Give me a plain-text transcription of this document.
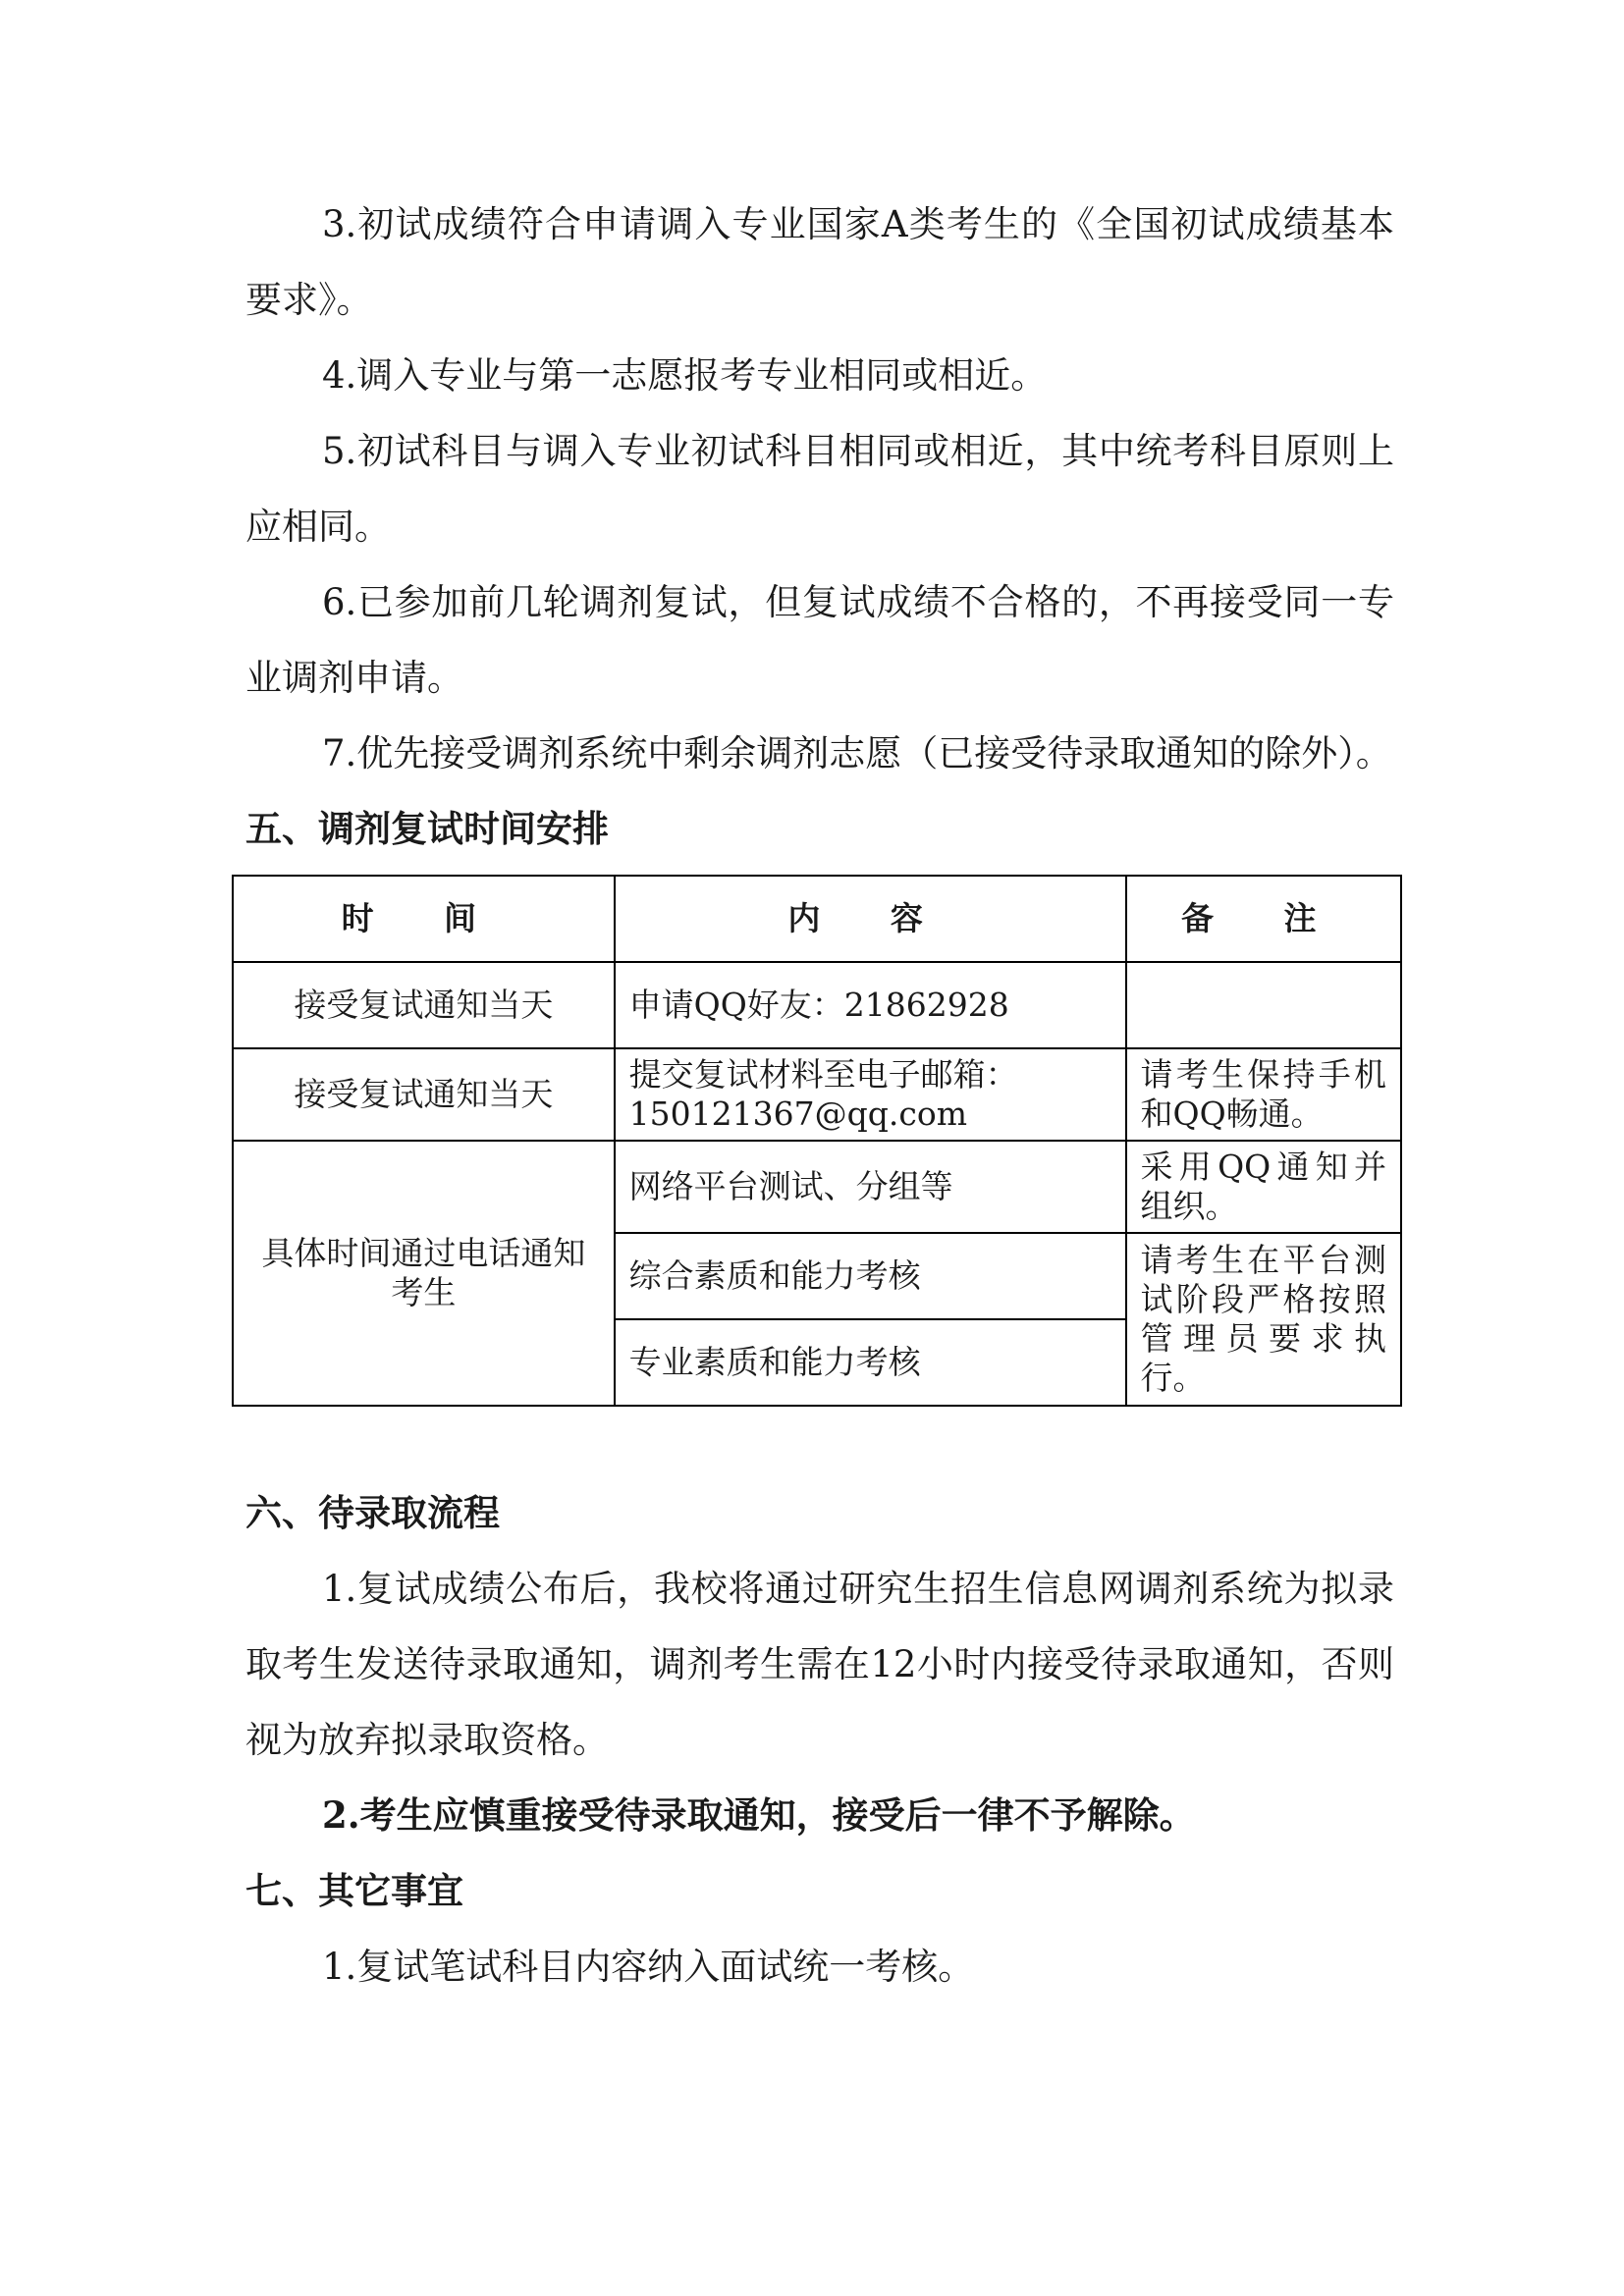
3.初试成绩符合申请调入专业国家A类考生的《全国初试成绩基本要求》。

4.调入专业与第一志愿报考专业相同或相近。

5.初试科目与调入专业初试科目相同或相近，其中统考科目原则上应相同。

6.已参加前几轮调剂复试，但复试成绩不合格的，不再接受同一专业调剂申请。

7.优先接受调剂系统中剩余调剂志愿（已接受待录取通知的除外）。

五、调剂复试时间安排

时 间	内 容	备 注
接受复试通知当天	申请QQ好友：21862928	
接受复试通知当天	提交复试材料至电子邮箱：150121367@qq.com	请考生保持手机和QQ畅通。
具体时间通过电话通知考生	网络平台测试、分组等	采用QQ通知并组织。
	综合素质和能力考核	请考生在平台测试阶段严格按照管理员要求执行。
	专业素质和能力考核	

六、待录取流程

1.复试成绩公布后，我校将通过研究生招生信息网调剂系统为拟录取考生发送待录取通知，调剂考生需在12小时内接受待录取通知，否则视为放弃拟录取资格。

2.考生应慎重接受待录取通知，接受后一律不予解除。

七、其它事宜

1.复试笔试科目内容纳入面试统一考核。
